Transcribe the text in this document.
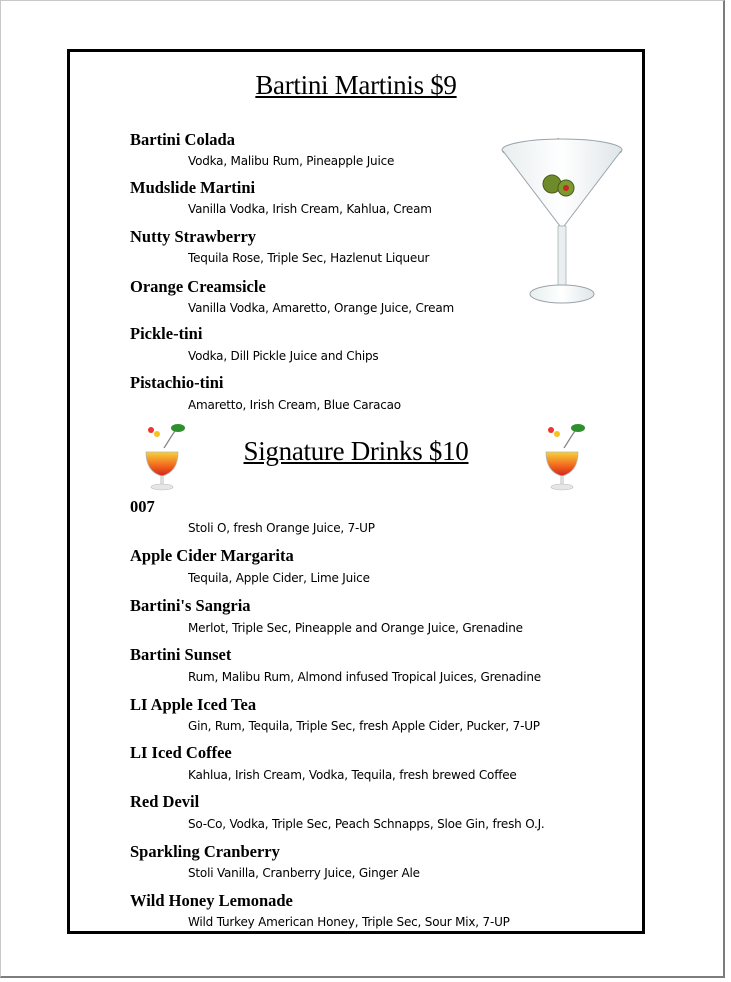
Bartini Martinis $9
Bartini Colada
Vodka, Malibu Rum, Pineapple Juice
Mudslide Martini
Vanilla Vodka, Irish Cream, Kahlua, Cream
Nutty Strawberry
Tequila Rose, Triple Sec, Hazlenut Liqueur
Orange Creamsicle
Vanilla Vodka, Amaretto, Orange Juice, Cream
Pickle-tini
Vodka, Dill Pickle Juice and Chips
Pistachio-tini
Amaretto, Irish Cream, Blue Caracao
Signature Drinks $10
007
Stoli O, fresh Orange Juice, 7-UP
Apple Cider Margarita
Tequila, Apple Cider, Lime Juice
Bartini's Sangria
Merlot, Triple Sec, Pineapple and Orange Juice, Grenadine
Bartini Sunset
Rum, Malibu Rum, Almond infused Tropical Juices, Grenadine
LI Apple Iced Tea
Gin, Rum, Tequila, Triple Sec, fresh Apple Cider, Pucker, 7-UP
LI Iced Coffee
Kahlua, Irish Cream, Vodka, Tequila, fresh brewed Coffee
Red Devil
So-Co, Vodka, Triple Sec, Peach Schnapps, Sloe Gin, fresh O.J.
Sparkling Cranberry
Stoli Vanilla, Cranberry Juice, Ginger Ale
Wild Honey Lemonade
Wild Turkey American Honey, Triple Sec, Sour Mix, 7-UP
